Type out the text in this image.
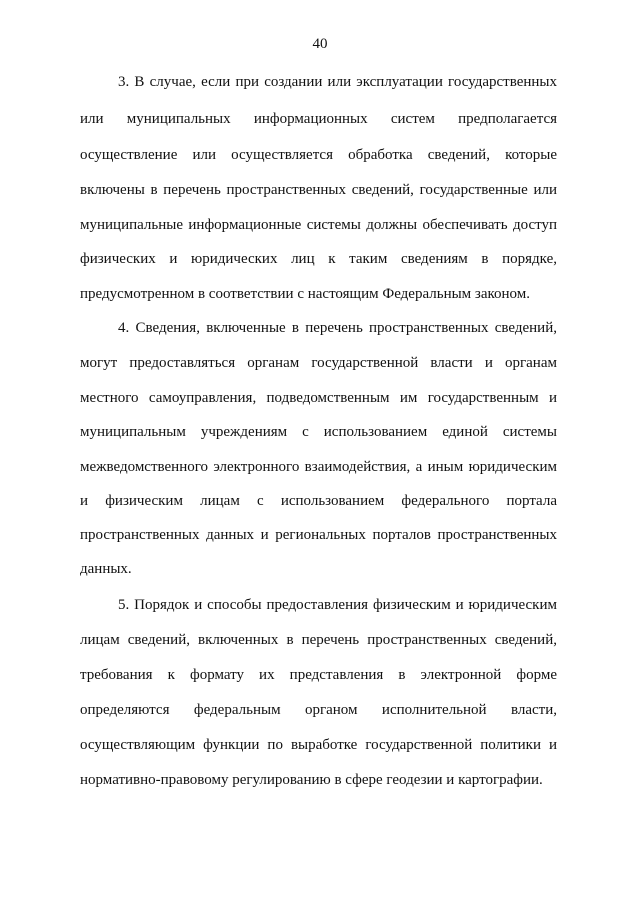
40
3. В случае, если при создании или эксплуатации государственных
или муниципальных информационных систем предполагается
осуществление или осуществляется обработка сведений, которые
включены в перечень пространственных сведений, государственные или
муниципальные информационные системы должны обеспечивать доступ
физических и юридических лиц к таким сведениям в порядке,
предусмотренном в соответствии с настоящим Федеральным законом.
4. Сведения, включенные в перечень пространственных сведений,
могут предоставляться органам государственной власти и органам
местного самоуправления, подведомственным им государственным и
муниципальным учреждениям с использованием единой системы
межведомственного электронного взаимодействия, а иным юридическим
и физическим лицам с использованием федерального портала
пространственных данных и региональных порталов пространственных
данных.
5. Порядок и способы предоставления физическим и юридическим
лицам сведений, включенных в перечень пространственных сведений,
требования к формату их представления в электронной форме
определяются федеральным органом исполнительной власти,
осуществляющим функции по выработке государственной политики и
нормативно-правовому регулированию в сфере геодезии и картографии.
